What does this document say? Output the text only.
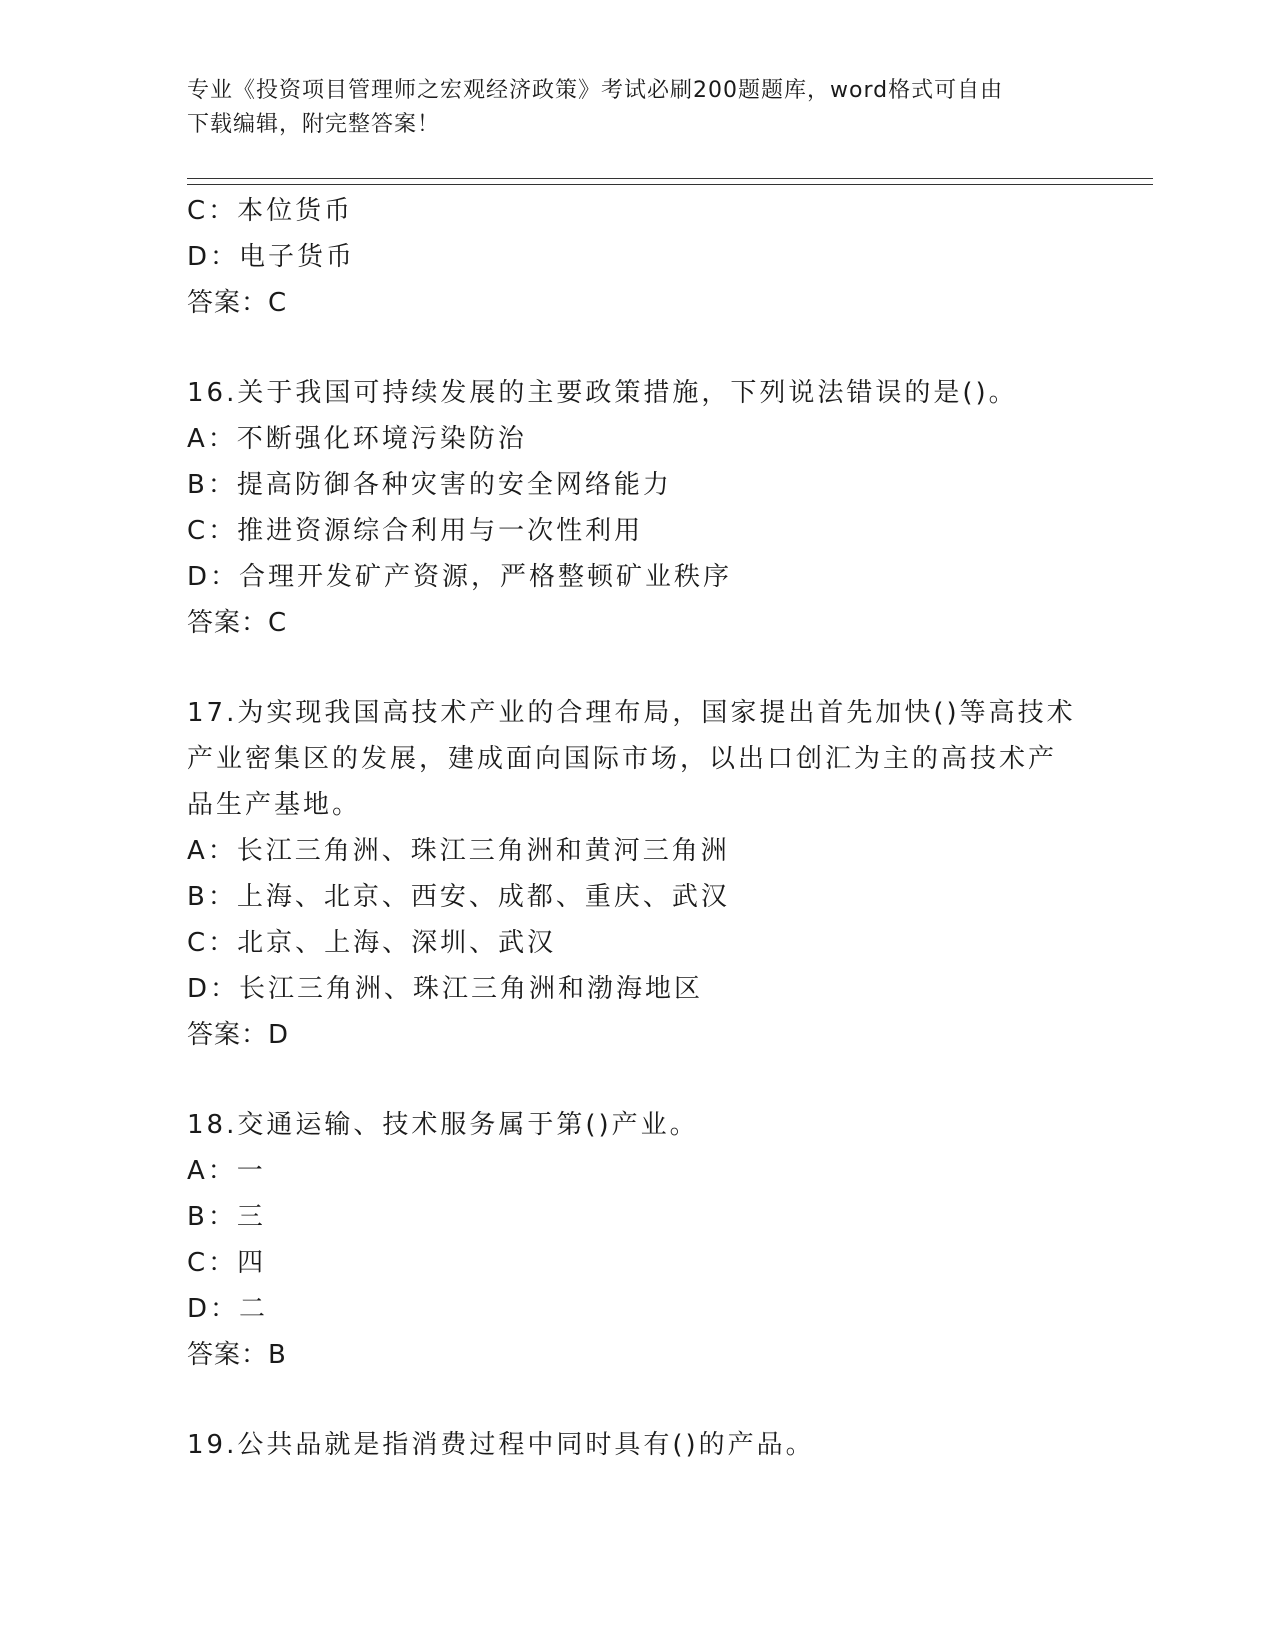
专业《投资项目管理师之宏观经济政策》考试必刷200题题库，word格式可自由
下载编辑，附完整答案！
C：本位货币
D：电子货币
答案：C
16.关于我国可持续发展的主要政策措施，下列说法错误的是()。
A：不断强化环境污染防治
B：提高防御各种灾害的安全网络能力
C：推进资源综合利用与一次性利用
D：合理开发矿产资源，严格整顿矿业秩序
答案：C
17.为实现我国高技术产业的合理布局，国家提出首先加快()等高技术
产业密集区的发展，建成面向国际市场，以出口创汇为主的高技术产
品生产基地。
A：长江三角洲、珠江三角洲和黄河三角洲
B：上海、北京、西安、成都、重庆、武汉
C：北京、上海、深圳、武汉
D：长江三角洲、珠江三角洲和渤海地区
答案：D
18.交通运输、技术服务属于第()产业。
A：一
B：三
C：四
D：二
答案：B
19.公共品就是指消费过程中同时具有()的产品。
